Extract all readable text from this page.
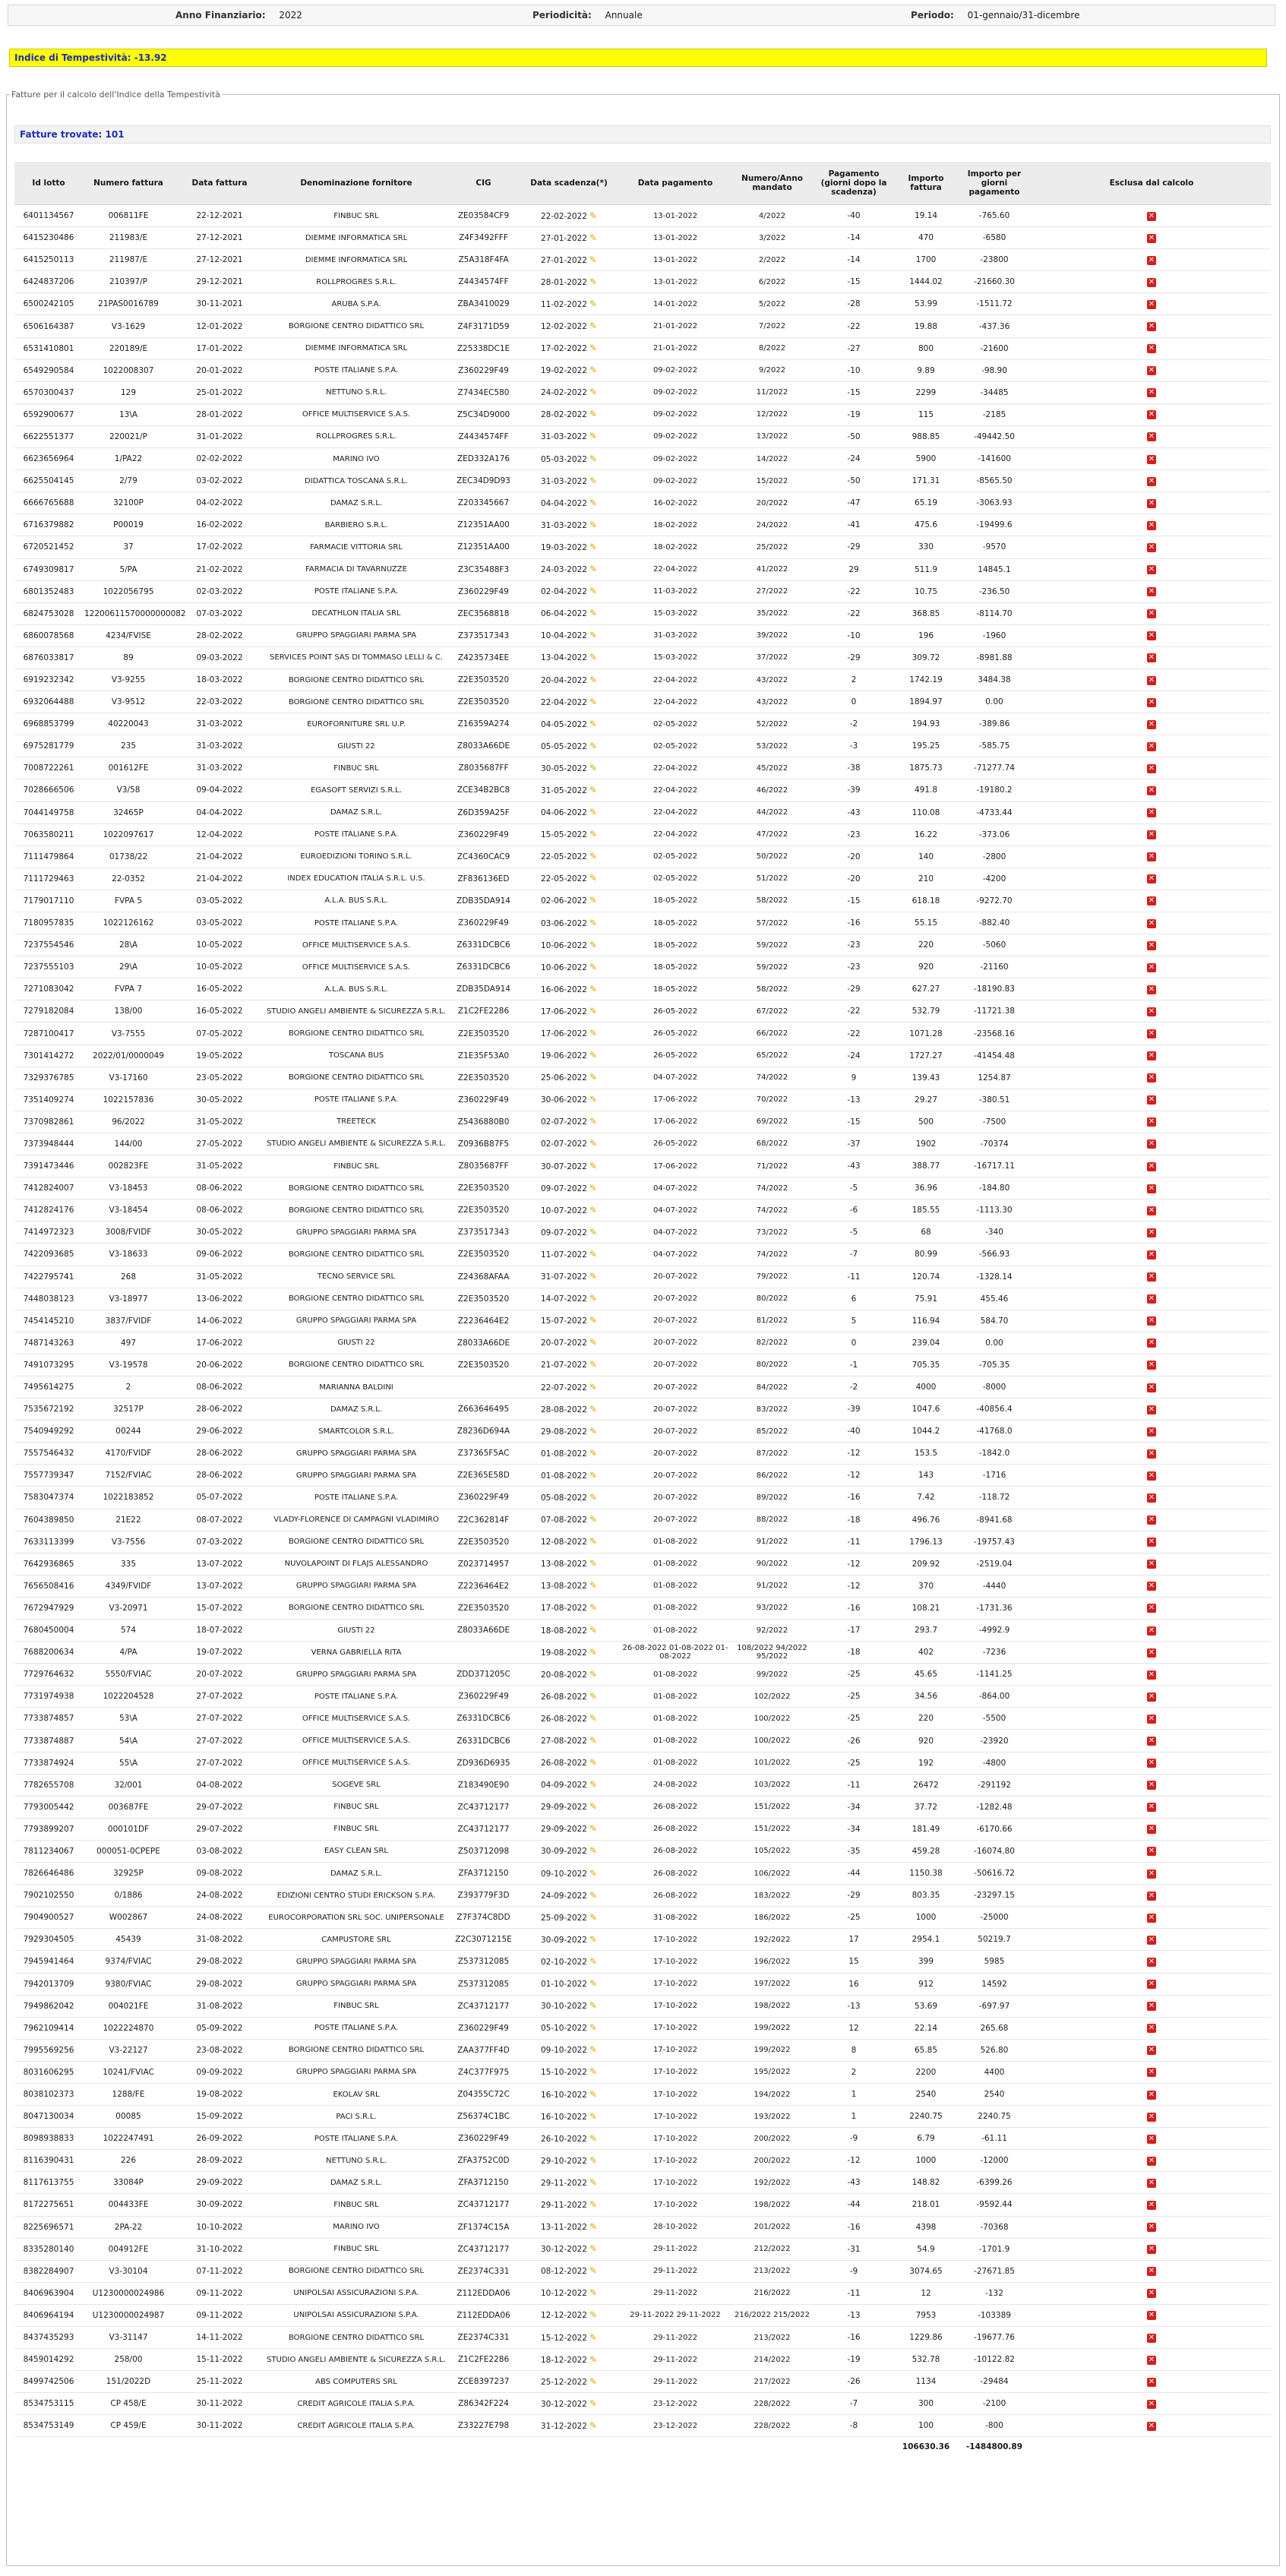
Anno Finanziario: 2022	Periodicità: Annuale	Periodo: 01-gennaio/31-dicembre
Indice di Tempestività: -13.92
Fatture per il calcolo dell'Indice della Tempestività
Fatture trovate: 101
Id lotto	Numero fattura	Data fattura	Denominazione fornitore	CIG	Data scadenza(*)	Data pagamento	Numero/Anno mandato	Pagamento (giorni dopo la scadenza)	Importo fattura	Importo per giorni pagamento	Esclusa dal calcolo
6401134567	006811FE	22-12-2021	FINBUC SRL	ZE03584CF9	22-02-2022 ✎	13-01-2022	4/2022	-40	19.14	-765.60	✕
6415230486	211983/E	27-12-2021	DIEMME INFORMATICA SRL	Z4F3492FFF	27-01-2022 ✎	13-01-2022	3/2022	-14	470	-6580	✕
6415250113	211987/E	27-12-2021	DIEMME INFORMATICA SRL	Z5A318F4FA	27-01-2022 ✎	13-01-2022	2/2022	-14	1700	-23800	✕
6424837206	210397/P	29-12-2021	ROLLPROGRES S.R.L.	Z4434574FF	28-01-2022 ✎	13-01-2022	6/2022	-15	1444.02	-21660.30	✕
6500242105	21PAS0016789	30-11-2021	ARUBA S.P.A.	ZBA3410029	11-02-2022 ✎	14-01-2022	5/2022	-28	53.99	-1511.72	✕
6506164387	V3-1629	12-01-2022	BORGIONE CENTRO DIDATTICO SRL	Z4F3171D59	12-02-2022 ✎	21-01-2022	7/2022	-22	19.88	-437.36	✕
6531410801	220189/E	17-01-2022	DIEMME INFORMATICA SRL	Z25338DC1E	17-02-2022 ✎	21-01-2022	8/2022	-27	800	-21600	✕
6549290584	1022008307	20-01-2022	POSTE ITALIANE S.P.A.	Z360229F49	19-02-2022 ✎	09-02-2022	9/2022	-10	9.89	-98.90	✕
6570300437	129	25-01-2022	NETTUNO S.R.L.	Z7434EC580	24-02-2022 ✎	09-02-2022	11/2022	-15	2299	-34485	✕
6592900677	13\A	28-01-2022	OFFICE MULTISERVICE S.A.S.	Z5C34D9000	28-02-2022 ✎	09-02-2022	12/2022	-19	115	-2185	✕
6622551377	220021/P	31-01-2022	ROLLPROGRES S.R.L.	Z4434574FF	31-03-2022 ✎	09-02-2022	13/2022	-50	988.85	-49442.50	✕
6623656964	1/PA22	02-02-2022	MARINO IVO	ZED332A176	05-03-2022 ✎	09-02-2022	14/2022	-24	5900	-141600	✕
6625504145	2/79	03-02-2022	DIDATTICA TOSCANA S.R.L.	ZEC34D9D93	31-03-2022 ✎	09-02-2022	15/2022	-50	171.31	-8565.50	✕
6666765688	32100P	04-02-2022	DAMAZ S.R.L.	Z203345667	04-04-2022 ✎	16-02-2022	20/2022	-47	65.19	-3063.93	✕
6716379882	P00019	16-02-2022	BARBIERO S.R.L.	Z12351AA00	31-03-2022 ✎	18-02-2022	24/2022	-41	475.6	-19499.6	✕
6720521452	37	17-02-2022	FARMACIE VITTORIA SRL	Z12351AA00	19-03-2022 ✎	18-02-2022	25/2022	-29	330	-9570	✕
6749309817	5/PA	21-02-2022	FARMACIA DI TAVARNUZZE	Z3C35488F3	24-03-2022 ✎	22-04-2022	41/2022	29	511.9	14845.1	✕
6801352483	1022056795	02-03-2022	POSTE ITALIANE S.P.A.	Z360229F49	02-04-2022 ✎	11-03-2022	27/2022	-22	10.75	-236.50	✕
6824753028	12200611570000000082	07-03-2022	DECATHLON ITALIA SRL	ZEC3568818	06-04-2022 ✎	15-03-2022	35/2022	-22	368.85	-8114.70	✕
6860078568	4234/FVISE	28-02-2022	GRUPPO SPAGGIARI PARMA SPA	Z373517343	10-04-2022 ✎	31-03-2022	39/2022	-10	196	-1960	✕
6876033817	89	09-03-2022	SERVICES POINT SAS DI TOMMASO LELLI & C.	Z4235734EE	13-04-2022 ✎	15-03-2022	37/2022	-29	309.72	-8981.88	✕
6919232342	V3-9255	18-03-2022	BORGIONE CENTRO DIDATTICO SRL	Z2E3503520	20-04-2022 ✎	22-04-2022	43/2022	2	1742.19	3484.38	✕
6932064488	V3-9512	22-03-2022	BORGIONE CENTRO DIDATTICO SRL	Z2E3503520	22-04-2022 ✎	22-04-2022	43/2022	0	1894.97	0.00	✕
6968853799	40220043	31-03-2022	EUROFORNITURE SRL U.P.	Z16359A274	04-05-2022 ✎	02-05-2022	52/2022	-2	194.93	-389.86	✕
6975281779	235	31-03-2022	GIUSTI 22	Z8033A66DE	05-05-2022 ✎	02-05-2022	53/2022	-3	195.25	-585.75	✕
7008722261	001612FE	31-03-2022	FINBUC SRL	Z8035687FF	30-05-2022 ✎	22-04-2022	45/2022	-38	1875.73	-71277.74	✕
7028666506	V3/58	09-04-2022	EGASOFT SERVIZI S.R.L.	ZCE34B2BC8	31-05-2022 ✎	22-04-2022	46/2022	-39	491.8	-19180.2	✕
7044149758	32465P	04-04-2022	DAMAZ S.R.L.	Z6D359A25F	04-06-2022 ✎	22-04-2022	44/2022	-43	110.08	-4733.44	✕
7063580211	1022097617	12-04-2022	POSTE ITALIANE S.P.A.	Z360229F49	15-05-2022 ✎	22-04-2022	47/2022	-23	16.22	-373.06	✕
7111479864	01738/22	21-04-2022	EUROEDIZIONI TORINO S.R.L.	ZC4360CAC9	22-05-2022 ✎	02-05-2022	50/2022	-20	140	-2800	✕
7111729463	22-0352	21-04-2022	INDEX EDUCATION ITALIA S.R.L. U.S.	ZF836136ED	22-05-2022 ✎	02-05-2022	51/2022	-20	210	-4200	✕
7179017110	FVPA 5	03-05-2022	A.L.A. BUS S.R.L.	ZDB35DA914	02-06-2022 ✎	18-05-2022	58/2022	-15	618.18	-9272.70	✕
7180957835	1022126162	03-05-2022	POSTE ITALIANE S.P.A.	Z360229F49	03-06-2022 ✎	18-05-2022	57/2022	-16	55.15	-882.40	✕
7237554546	28\A	10-05-2022	OFFICE MULTISERVICE S.A.S.	Z6331DCBC6	10-06-2022 ✎	18-05-2022	59/2022	-23	220	-5060	✕
7237555103	29\A	10-05-2022	OFFICE MULTISERVICE S.A.S.	Z6331DCBC6	10-06-2022 ✎	18-05-2022	59/2022	-23	920	-21160	✕
7271083042	FVPA 7	16-05-2022	A.L.A. BUS S.R.L.	ZDB35DA914	16-06-2022 ✎	18-05-2022	58/2022	-29	627.27	-18190.83	✕
7279182084	138/00	16-05-2022	STUDIO ANGELI AMBIENTE & SICUREZZA S.R.L.	Z1C2FE2286	17-06-2022 ✎	26-05-2022	67/2022	-22	532.79	-11721.38	✕
7287100417	V3-7555	07-05-2022	BORGIONE CENTRO DIDATTICO SRL	Z2E3503520	17-06-2022 ✎	26-05-2022	66/2022	-22	1071.28	-23568.16	✕
7301414272	2022/01/0000049	19-05-2022	TOSCANA BUS	Z1E35F53A0	19-06-2022 ✎	26-05-2022	65/2022	-24	1727.27	-41454.48	✕
7329376785	V3-17160	23-05-2022	BORGIONE CENTRO DIDATTICO SRL	Z2E3503520	25-06-2022 ✎	04-07-2022	74/2022	9	139.43	1254.87	✕
7351409274	1022157836	30-05-2022	POSTE ITALIANE S.P.A.	Z360229F49	30-06-2022 ✎	17-06-2022	70/2022	-13	29.27	-380.51	✕
7370982861	96/2022	31-05-2022	TREETECK	Z5436880B0	02-07-2022 ✎	17-06-2022	69/2022	-15	500	-7500	✕
7373948444	144/00	27-05-2022	STUDIO ANGELI AMBIENTE & SICUREZZA S.R.L.	Z0936B87F5	02-07-2022 ✎	26-05-2022	68/2022	-37	1902	-70374	✕
7391473446	002823FE	31-05-2022	FINBUC SRL	Z8035687FF	30-07-2022 ✎	17-06-2022	71/2022	-43	388.77	-16717.11	✕
7412824007	V3-18453	08-06-2022	BORGIONE CENTRO DIDATTICO SRL	Z2E3503520	09-07-2022 ✎	04-07-2022	74/2022	-5	36.96	-184.80	✕
7412824176	V3-18454	08-06-2022	BORGIONE CENTRO DIDATTICO SRL	Z2E3503520	10-07-2022 ✎	04-07-2022	74/2022	-6	185.55	-1113.30	✕
7414972323	3008/FVIDF	30-05-2022	GRUPPO SPAGGIARI PARMA SPA	Z373517343	09-07-2022 ✎	04-07-2022	73/2022	-5	68	-340	✕
7422093685	V3-18633	09-06-2022	BORGIONE CENTRO DIDATTICO SRL	Z2E3503520	11-07-2022 ✎	04-07-2022	74/2022	-7	80.99	-566.93	✕
7422795741	268	31-05-2022	TECNO SERVICE SRL	Z24368AFAA	31-07-2022 ✎	20-07-2022	79/2022	-11	120.74	-1328.14	✕
7448038123	V3-18977	13-06-2022	BORGIONE CENTRO DIDATTICO SRL	Z2E3503520	14-07-2022 ✎	20-07-2022	80/2022	6	75.91	455.46	✕
7454145210	3837/FVIDF	14-06-2022	GRUPPO SPAGGIARI PARMA SPA	Z2236464E2	15-07-2022 ✎	20-07-2022	81/2022	5	116.94	584.70	✕
7487143263	497	17-06-2022	GIUSTI 22	Z8033A66DE	20-07-2022 ✎	20-07-2022	82/2022	0	239.04	0.00	✕
7491073295	V3-19578	20-06-2022	BORGIONE CENTRO DIDATTICO SRL	Z2E3503520	21-07-2022 ✎	20-07-2022	80/2022	-1	705.35	-705.35	✕
7495614275	2	08-06-2022	MARIANNA BALDINI		22-07-2022 ✎	20-07-2022	84/2022	-2	4000	-8000	✕
7535672192	32517P	28-06-2022	DAMAZ S.R.L.	Z663646495	28-08-2022 ✎	20-07-2022	83/2022	-39	1047.6	-40856.4	✕
7540949292	00244	29-06-2022	SMARTCOLOR S.R.L.	Z8236D694A	29-08-2022 ✎	20-07-2022	85/2022	-40	1044.2	-41768.0	✕
7557546432	4170/FVIDF	28-06-2022	GRUPPO SPAGGIARI PARMA SPA	Z37365F5AC	01-08-2022 ✎	20-07-2022	87/2022	-12	153.5	-1842.0	✕
7557739347	7152/FVIAC	28-06-2022	GRUPPO SPAGGIARI PARMA SPA	Z2E365E58D	01-08-2022 ✎	20-07-2022	86/2022	-12	143	-1716	✕
7583047374	1022183852	05-07-2022	POSTE ITALIANE S.P.A.	Z360229F49	05-08-2022 ✎	20-07-2022	89/2022	-16	7.42	-118.72	✕
7604389850	21E22	08-07-2022	VLADY-FLORENCE DI CAMPAGNI VLADIMIRO	Z2C362814F	07-08-2022 ✎	20-07-2022	88/2022	-18	496.76	-8941.68	✕
7633113399	V3-7556	07-03-2022	BORGIONE CENTRO DIDATTICO SRL	Z2E3503520	12-08-2022 ✎	01-08-2022	91/2022	-11	1796.13	-19757.43	✕
7642936865	335	13-07-2022	NUVOLAPOINT DI FLAJS ALESSANDRO	Z023714957	13-08-2022 ✎	01-08-2022	90/2022	-12	209.92	-2519.04	✕
7656508416	4349/FVIDF	13-07-2022	GRUPPO SPAGGIARI PARMA SPA	Z2236464E2	13-08-2022 ✎	01-08-2022	91/2022	-12	370	-4440	✕
7672947929	V3-20971	15-07-2022	BORGIONE CENTRO DIDATTICO SRL	Z2E3503520	17-08-2022 ✎	01-08-2022	93/2022	-16	108.21	-1731.36	✕
7680450004	574	18-07-2022	GIUSTI 22	Z8033A66DE	18-08-2022 ✎	01-08-2022	92/2022	-17	293.7	-4992.9	✕
7688200634	4/PA	19-07-2022	VERNA GABRIELLA RITA		19-08-2022 ✎	26-08-2022 01-08-2022 01-08-2022	108/2022 94/2022 95/2022	-18	402	-7236	✕
7729764632	5550/FVIAC	20-07-2022	GRUPPO SPAGGIARI PARMA SPA	ZDD371205C	20-08-2022 ✎	01-08-2022	99/2022	-25	45.65	-1141.25	✕
7731974938	1022204528	27-07-2022	POSTE ITALIANE S.P.A.	Z360229F49	26-08-2022 ✎	01-08-2022	102/2022	-25	34.56	-864.00	✕
7733874857	53\A	27-07-2022	OFFICE MULTISERVICE S.A.S.	Z6331DCBC6	26-08-2022 ✎	01-08-2022	100/2022	-25	220	-5500	✕
7733874887	54\A	27-07-2022	OFFICE MULTISERVICE S.A.S.	Z6331DCBC6	27-08-2022 ✎	01-08-2022	100/2022	-26	920	-23920	✕
7733874924	55\A	27-07-2022	OFFICE MULTISERVICE S.A.S.	ZD936D6935	26-08-2022 ✎	01-08-2022	101/2022	-25	192	-4800	✕
7782655708	32/001	04-08-2022	SOGEVE SRL	Z183490E90	04-09-2022 ✎	24-08-2022	103/2022	-11	26472	-291192	✕
7793005442	003687FE	29-07-2022	FINBUC SRL	ZC43712177	29-09-2022 ✎	26-08-2022	151/2022	-34	37.72	-1282.48	✕
7793899207	000101DF	29-07-2022	FINBUC SRL	ZC43712177	29-09-2022 ✎	26-08-2022	151/2022	-34	181.49	-6170.66	✕
7811234067	000051-0CPEPE	03-08-2022	EASY CLEAN SRL	Z503712098	30-09-2022 ✎	26-08-2022	105/2022	-35	459.28	-16074.80	✕
7826646486	32925P	09-08-2022	DAMAZ S.R.L.	ZFA3712150	09-10-2022 ✎	26-08-2022	106/2022	-44	1150.38	-50616.72	✕
7902102550	0/1886	24-08-2022	EDIZIONI CENTRO STUDI ERICKSON S.P.A.	Z393779F3D	24-09-2022 ✎	26-08-2022	183/2022	-29	803.35	-23297.15	✕
7904900527	W002867	24-08-2022	EUROCORPORATION SRL SOC. UNIPERSONALE	Z7F374C8DD	25-09-2022 ✎	31-08-2022	186/2022	-25	1000	-25000	✕
7929304505	45439	31-08-2022	CAMPUSTORE SRL	Z2C3071215E	30-09-2022 ✎	17-10-2022	192/2022	17	2954.1	50219.7	✕
7945941464	9374/FVIAC	29-08-2022	GRUPPO SPAGGIARI PARMA SPA	Z537312085	02-10-2022 ✎	17-10-2022	196/2022	15	399	5985	✕
7942013709	9380/FVIAC	29-08-2022	GRUPPO SPAGGIARI PARMA SPA	Z537312085	01-10-2022 ✎	17-10-2022	197/2022	16	912	14592	✕
7949862042	004021FE	31-08-2022	FINBUC SRL	ZC43712177	30-10-2022 ✎	17-10-2022	198/2022	-13	53.69	-697.97	✕
7962109414	1022224870	05-09-2022	POSTE ITALIANE S.P.A.	Z360229F49	05-10-2022 ✎	17-10-2022	199/2022	12	22.14	265.68	✕
7995569256	V3-22127	23-08-2022	BORGIONE CENTRO DIDATTICO SRL	ZAA377FF4D	09-10-2022 ✎	17-10-2022	199/2022	8	65.85	526.80	✕
8031606295	10241/FVIAC	09-09-2022	GRUPPO SPAGGIARI PARMA SPA	Z4C377F975	15-10-2022 ✎	17-10-2022	195/2022	2	2200	4400	✕
8038102373	1288/FE	19-08-2022	EKOLAV SRL	Z04355C72C	16-10-2022 ✎	17-10-2022	194/2022	1	2540	2540	✕
8047130034	00085	15-09-2022	PACI S.R.L.	Z56374C1BC	16-10-2022 ✎	17-10-2022	193/2022	1	2240.75	2240.75	✕
8098938833	1022247491	26-09-2022	POSTE ITALIANE S.P.A.	Z360229F49	26-10-2022 ✎	17-10-2022	200/2022	-9	6.79	-61.11	✕
8116390431	226	28-09-2022	NETTUNO S.R.L.	ZFA3752C0D	29-10-2022 ✎	17-10-2022	200/2022	-12	1000	-12000	✕
8117613755	33084P	29-09-2022	DAMAZ S.R.L.	ZFA3712150	29-11-2022 ✎	17-10-2022	192/2022	-43	148.82	-6399.26	✕
8172275651	004433FE	30-09-2022	FINBUC SRL	ZC43712177	29-11-2022 ✎	17-10-2022	198/2022	-44	218.01	-9592.44	✕
8225696571	2PA-22	10-10-2022	MARINO IVO	ZF1374C15A	13-11-2022 ✎	28-10-2022	201/2022	-16	4398	-70368	✕
8335280140	004912FE	31-10-2022	FINBUC SRL	ZC43712177	30-12-2022 ✎	29-11-2022	212/2022	-31	54.9	-1701.9	✕
8382284907	V3-30104	07-11-2022	BORGIONE CENTRO DIDATTICO SRL	ZE2374C331	08-12-2022 ✎	29-11-2022	213/2022	-9	3074.65	-27671.85	✕
8406963904	U1230000024986	09-11-2022	UNIPOLSAI ASSICURAZIONI S.P.A.	Z112EDDA06	10-12-2022 ✎	29-11-2022	216/2022	-11	12	-132	✕
8406964194	U1230000024987	09-11-2022	UNIPOLSAI ASSICURAZIONI S.P.A.	Z112EDDA06	12-12-2022 ✎	29-11-2022 29-11-2022	216/2022 215/2022	-13	7953	-103389	✕
8437435293	V3-31147	14-11-2022	BORGIONE CENTRO DIDATTICO SRL	ZE2374C331	15-12-2022 ✎	29-11-2022	213/2022	-16	1229.86	-19677.76	✕
8459014292	258/00	15-11-2022	STUDIO ANGELI AMBIENTE & SICUREZZA S.R.L.	Z1C2FE2286	18-12-2022 ✎	29-11-2022	214/2022	-19	532.78	-10122.82	✕
8499742506	151/2022D	25-11-2022	ABS COMPUTERS SRL	ZCE8397237	25-12-2022 ✎	29-11-2022	217/2022	-26	1134	-29484	✕
8534753115	CP 458/E	30-11-2022	CREDIT AGRICOLE ITALIA S.P.A.	Z86342F224	30-12-2022 ✎	23-12-2022	228/2022	-7	300	-2100	✕
8534753149	CP 459/E	30-11-2022	CREDIT AGRICOLE ITALIA S.P.A.	Z33227E798	31-12-2022 ✎	23-12-2022	228/2022	-8	100	-800	✕
									106630.36	-1484800.89	
